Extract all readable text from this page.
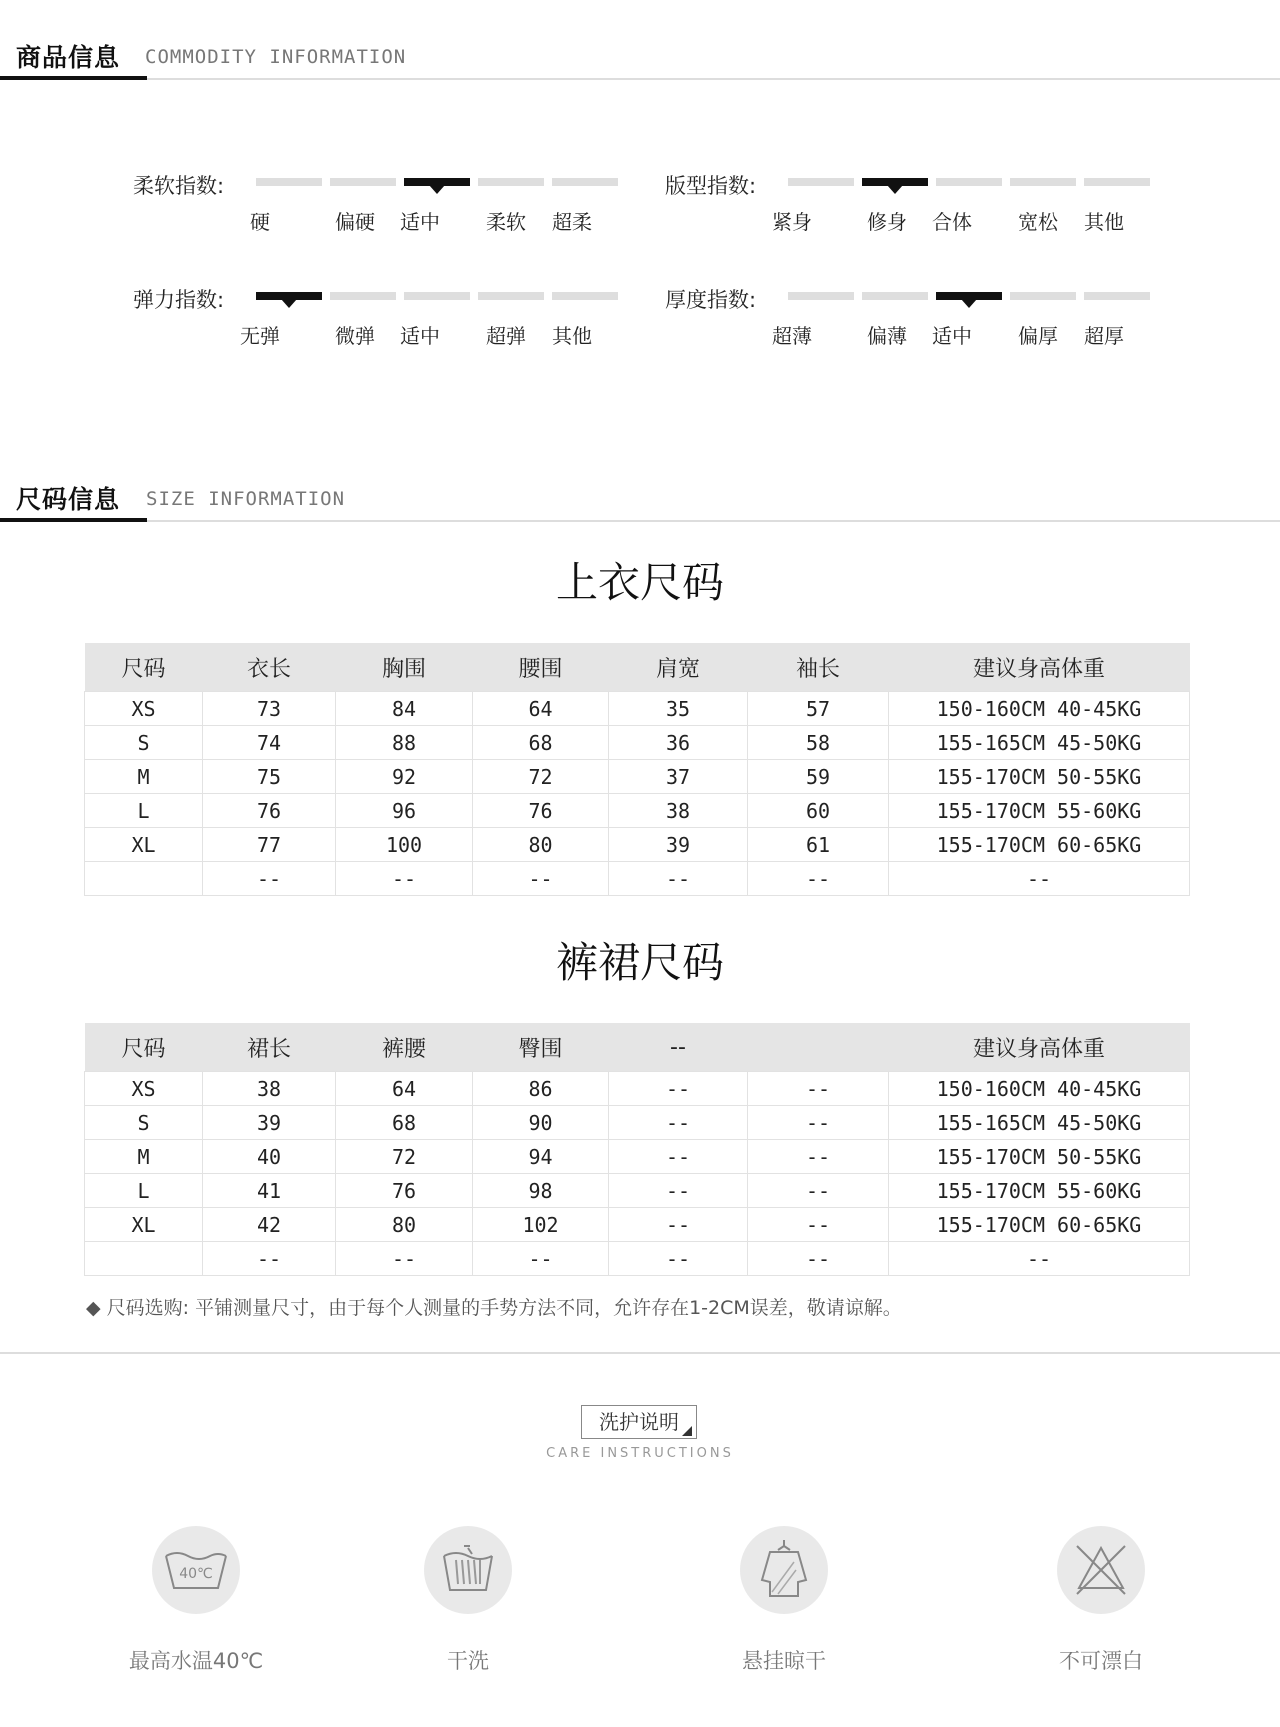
商品信息 COMMODITY INFORMATION
柔软指数:
硬	偏硬	适中	柔软	超柔
版型指数:
紧身	修身	合体	宽松	其他
弹力指数:
无弹	微弹	适中	超弹	其他
厚度指数:
超薄	偏薄	适中	偏厚	超厚
尺码信息 SIZE INFORMATION
上衣尺码
尺码	衣长	胸围	腰围	肩宽	袖长	建议身高体重
XS	73	84	64	35	57	150-160CM 40-45KG
S	74	88	68	36	58	155-165CM 45-50KG
M	75	92	72	37	59	155-170CM 50-55KG
L	76	96	76	38	60	155-170CM 55-60KG
XL	77	100	80	39	61	155-170CM 60-65KG
	--	--	--	--	--	--
裤裙尺码
尺码	裙长	裤腰	臀围	--		建议身高体重
XS	38	64	86	--	--	150-160CM 40-45KG
S	39	68	90	--	--	155-165CM 45-50KG
M	40	72	94	--	--	155-170CM 50-55KG
L	41	76	98	--	--	155-170CM 55-60KG
XL	42	80	102	--	--	155-170CM 60-65KG
	--	--	--	--	--	--
◆ 尺码选购: 平铺测量尺寸，由于每个人测量的手势方法不同，允许存在1-2CM误差，敬请谅解。
洗护说明
CARE INSTRUCTIONS
40℃
最高水温40℃	干洗	悬挂晾干	不可漂白
